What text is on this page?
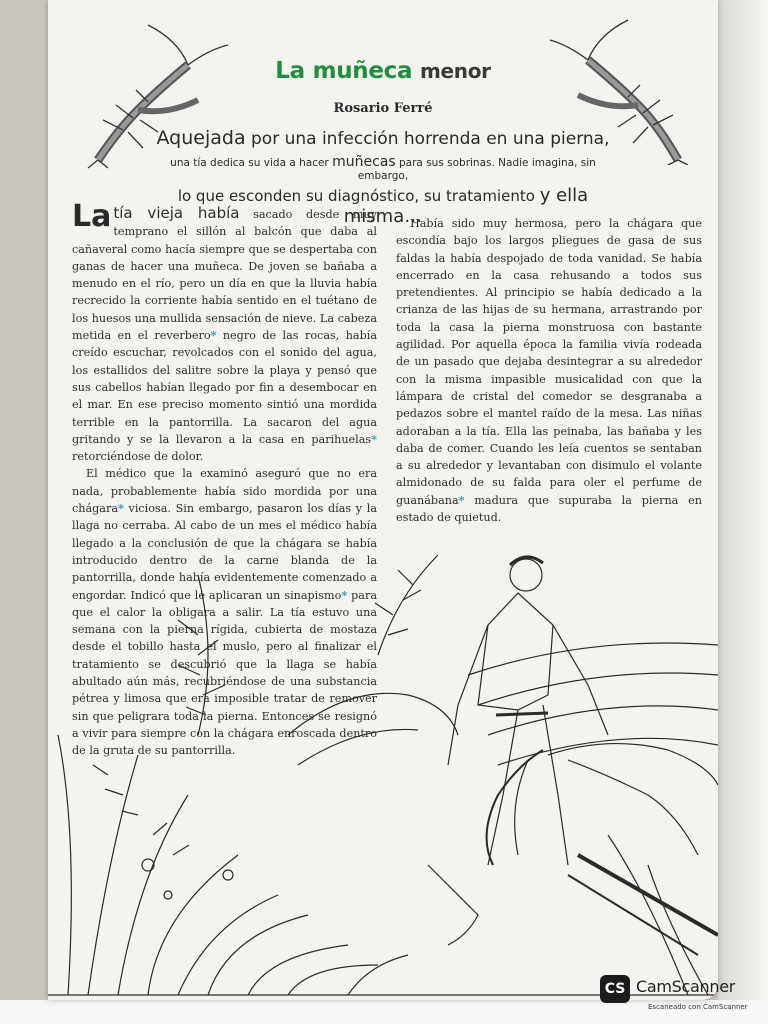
La muñeca menor
Rosario Ferré
Aquejada por una infección horrenda en una pierna,
una tía dedica su vida a hacer muñecas para sus sobrinas. Nadie imagina, sin embargo,
lo que esconden su diagnóstico, su tratamiento y ella misma…

La tía vieja había sacado desde muy temprano el sillón al balcón que daba al cañaveral como hacía siempre que se despertaba con ganas de hacer una muñeca. De joven se bañaba a menudo en el río, pero un día en que la lluvia había recrecido la corriente había sentido en el tuétano de los huesos una mullida sensación de nieve. La cabeza metida en el reverbero* negro de las rocas, había creído escuchar, revolcados con el sonido del agua, los estallidos del salitre sobre la playa y pensó que sus cabellos habían llegado por fin a desembocar en el mar. En ese preciso momento sintió una mordida terrible en la pantorrilla. La sacaron del agua gritando y se la llevaron a la casa en parihuelas* retorciéndose de dolor.

El médico que la examinó aseguró que no era nada, probablemente había sido mordida por una chágara* viciosa. Sin embargo, pasaron los días y la llaga no cerraba. Al cabo de un mes el médico había llegado a la conclusión de que la chágara se había introducido dentro de la carne blanda de la pantorrilla, donde había evidentemente comenzado a engordar. Indicó que le aplicaran un sinapismo* para que el calor la obligara a salir. La tía estuvo una semana con la pierna rígida, cubierta de mostaza desde el tobillo hasta el muslo, pero al finalizar el tratamiento se descubrió que la llaga se había abultado aún más, recubriéndose de una substancia pétrea y limosa que era imposible tratar de remover sin que peligrara toda la pierna. Entonces se resignó a vivir para siempre con la chágara enroscada dentro de la gruta de su pantorrilla.

Había sido muy hermosa, pero la chágara que escondía bajo los largos pliegues de gasa de sus faldas la había despojado de toda vanidad. Se había encerrado en la casa rehusando a todos sus pretendientes. Al principio se había dedicado a la crianza de las hijas de su hermana, arrastrando por toda la casa la pierna monstruosa con bastante agilidad. Por aquella época la familia vivía rodeada de un pasado que dejaba desintegrar a su alrededor con la misma impasible musicalidad con que la lámpara de cristal del comedor se desgranaba a pedazos sobre el mantel raído de la mesa. Las niñas adoraban a la tía. Ella las peinaba, las bañaba y les daba de comer. Cuando les leía cuentos se sentaban a su alrededor y levantaban con disimulo el volante almidonado de su falda para oler el perfume de guanábana* madura que supuraba la pierna en estado de quietud.

CS CamScanner
Escaneado con CamScanner
